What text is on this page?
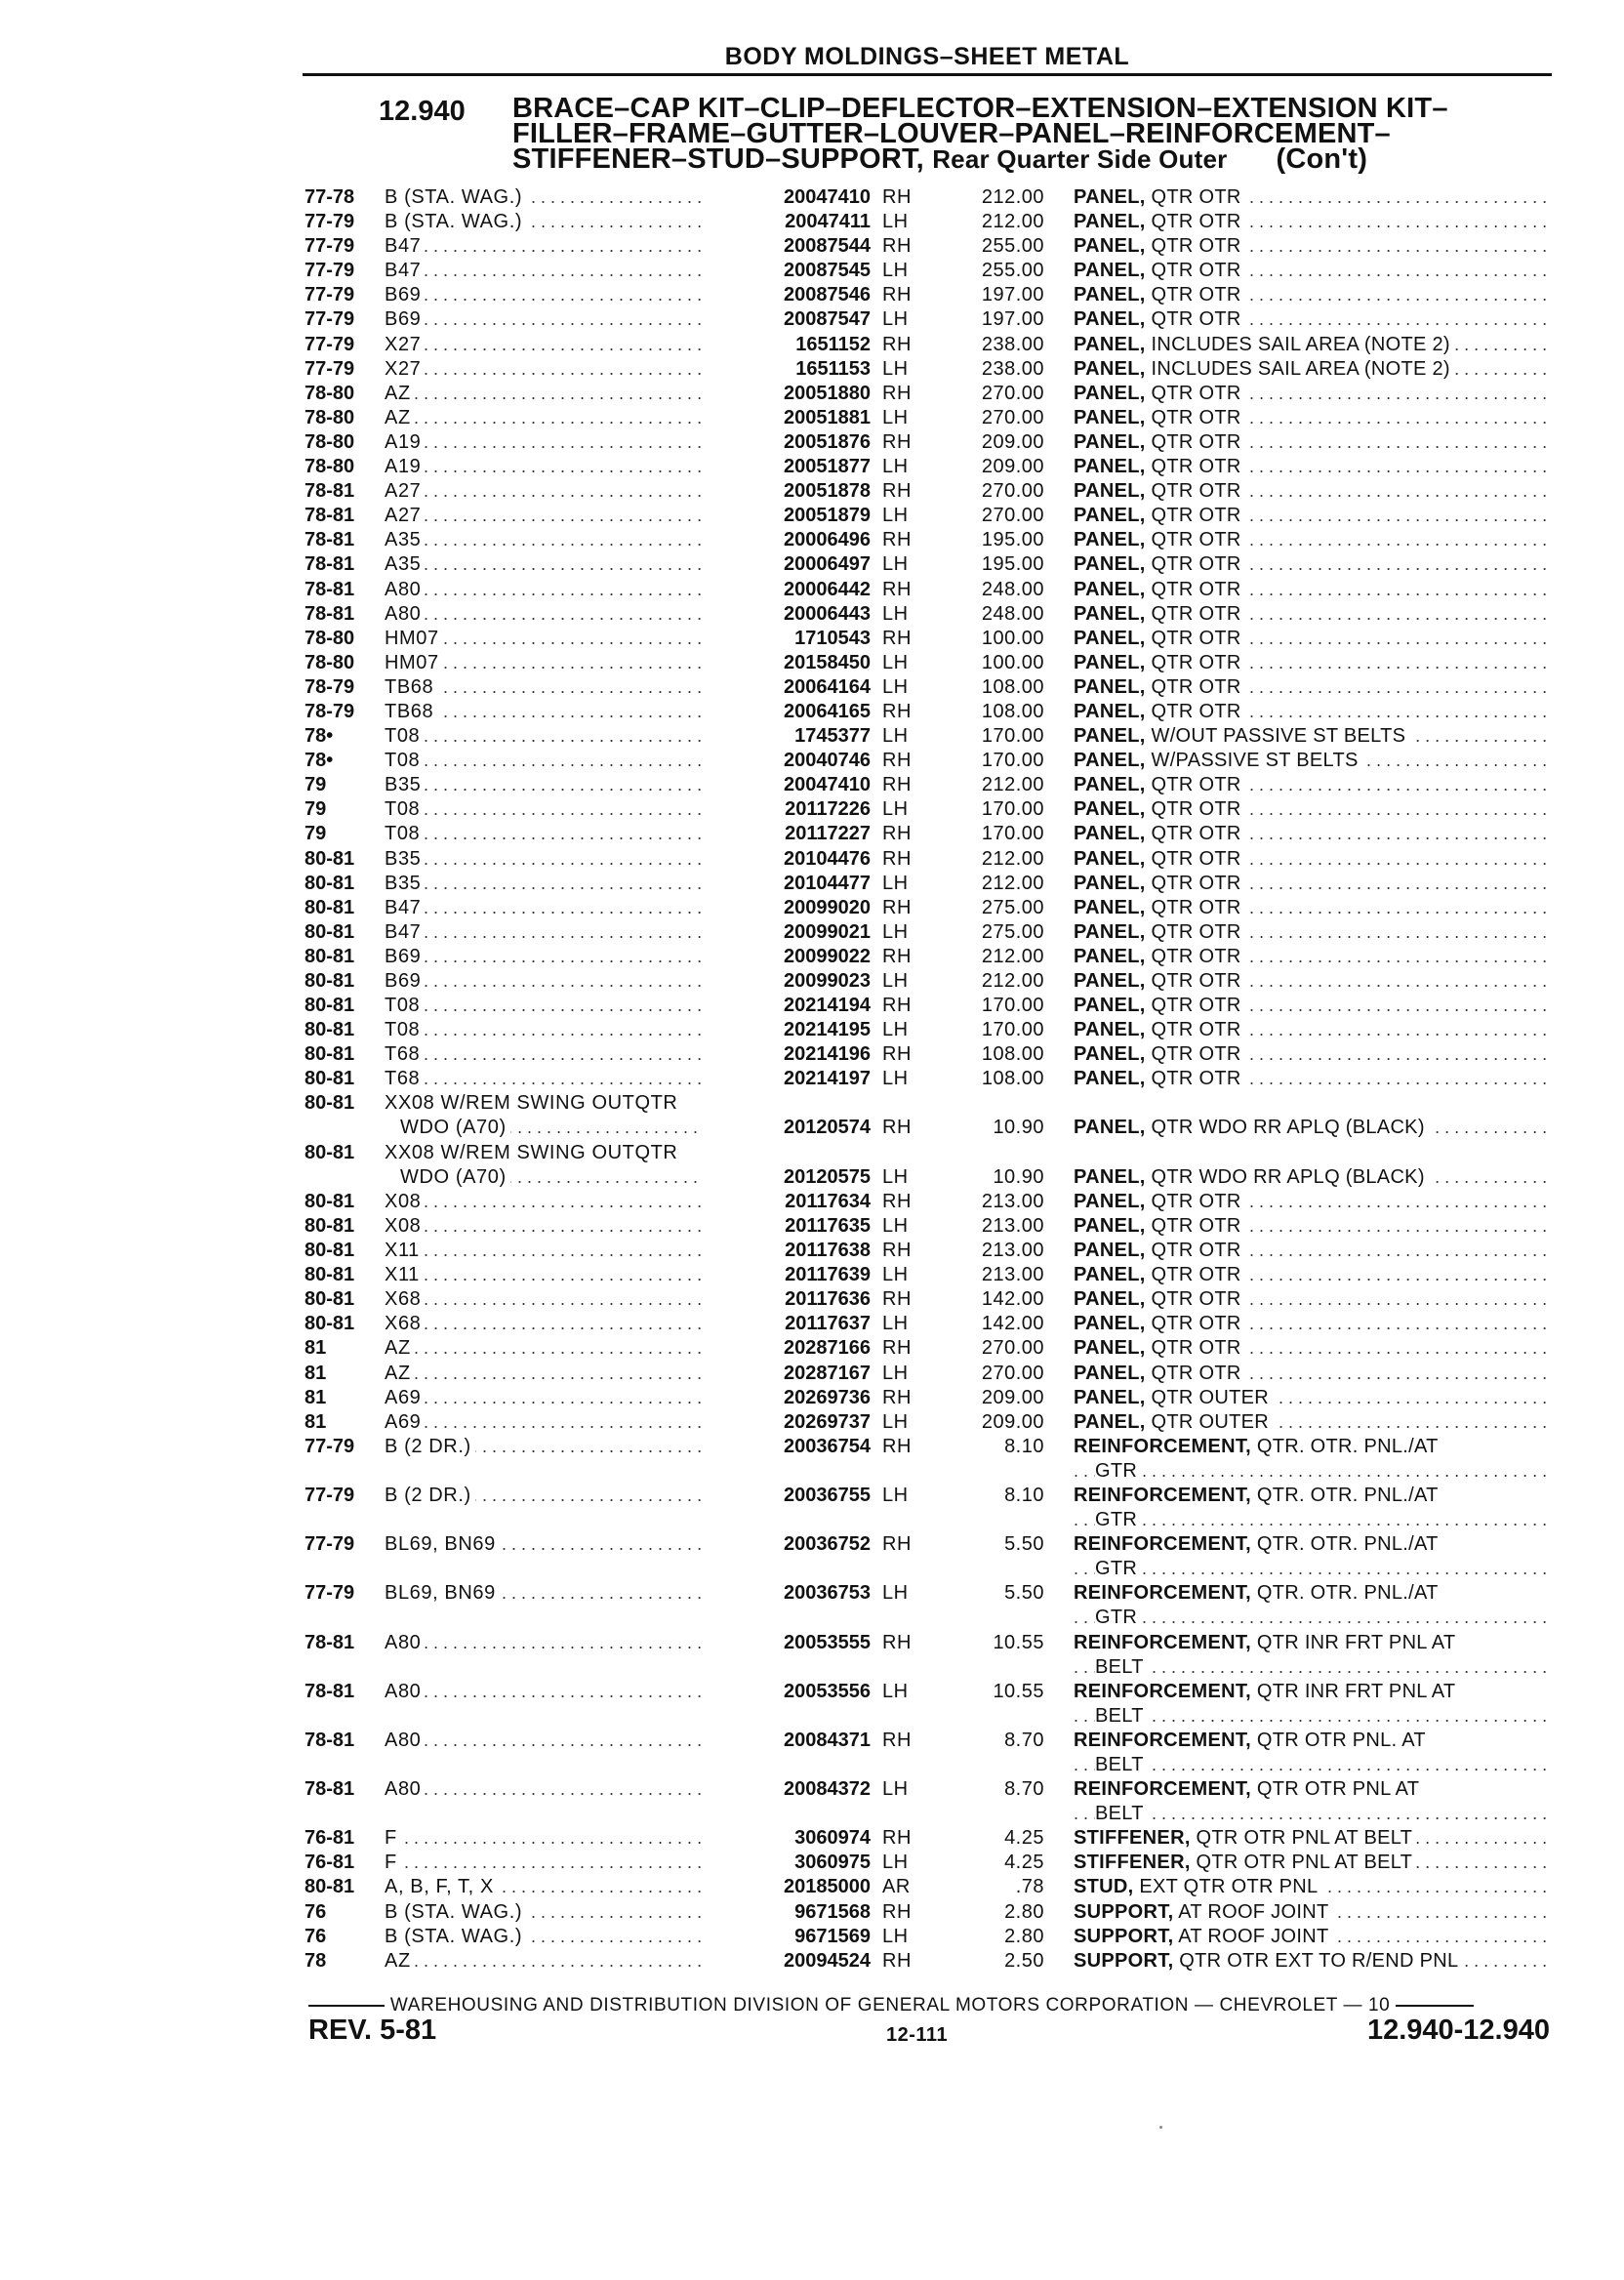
BODY MOLDINGS–SHEET METAL
12.940 BRACE–CAP KIT–CLIP–DEFLECTOR–EXTENSION–EXTENSION KIT–
FILLER–FRAME–GUTTER–LOUVER–PANEL–REINFORCEMENT–
STIFFENER–STUD–SUPPORT, Rear Quarter Side Outer (Con't)
77-78 B (STA. WAG.) . . .	20047410 RH	212.00 PANEL, QTR OTR . . .
77-79 B (STA. WAG.) . . .	20047411 LH	212.00 PANEL, QTR OTR . . .
77-79 B47 . . .	20087544 RH	255.00 PANEL, QTR OTR . . .
77-79 B47 . . .	20087545 LH	255.00 PANEL, QTR OTR . . .
77-79 B69 . . .	20087546 RH	197.00 PANEL, QTR OTR . . .
77-79 B69 . . .	20087547 LH	197.00 PANEL, QTR OTR . . .
77-79 X27 . . .	1651152 RH	238.00 PANEL, INCLUDES SAIL AREA (NOTE 2) . . .
77-79 X27 . . .	1651153 LH	238.00 PANEL, INCLUDES SAIL AREA (NOTE 2) . . .
78-80 AZ . . .	20051880 RH	270.00 PANEL, QTR OTR . . .
78-80 AZ . . .	20051881 LH	270.00 PANEL, QTR OTR . . .
78-80 A19 . . .	20051876 RH	209.00 PANEL, QTR OTR . . .
78-80 A19 . . .	20051877 LH	209.00 PANEL, QTR OTR . . .
78-81 A27 . . .	20051878 RH	270.00 PANEL, QTR OTR . . .
78-81 A27 . . .	20051879 LH	270.00 PANEL, QTR OTR . . .
78-81 A35 . . .	20006496 RH	195.00 PANEL, QTR OTR . . .
78-81 A35 . . .	20006497 LH	195.00 PANEL, QTR OTR . . .
78-81 A80 . . .	20006442 RH	248.00 PANEL, QTR OTR . . .
78-81 A80 . . .	20006443 LH	248.00 PANEL, QTR OTR . . .
78-80 HM07 . . .	1710543 RH	100.00 PANEL, QTR OTR . . .
78-80 HM07 . . .	20158450 LH	100.00 PANEL, QTR OTR . . .
78-79 TB68 . . .	20064164 LH	108.00 PANEL, QTR OTR . . .
78-79 TB68 . . .	20064165 RH	108.00 PANEL, QTR OTR . . .
78•	T08 . . .	1745377 LH	170.00 PANEL, W/OUT PASSIVE ST BELTS . . .
78•	T08 . . .	20040746 RH	170.00 PANEL, W/PASSIVE ST BELTS . . .
79	B35 . . .	20047410 RH	212.00 PANEL, QTR OTR . . .
79	T08 . . .	20117226 LH	170.00 PANEL, QTR OTR . . .
79	T08 . . .	20117227 RH	170.00 PANEL, QTR OTR . . .
80-81 B35 . . .	20104476 RH	212.00 PANEL, QTR OTR . . .
80-81 B35 . . .	20104477 LH	212.00 PANEL, QTR OTR . . .
80-81 B47 . . .	20099020 RH	275.00 PANEL, QTR OTR . . .
80-81 B47 . . .	20099021 LH	275.00 PANEL, QTR OTR . . .
80-81 B69 . . .	20099022 RH	212.00 PANEL, QTR OTR . . .
80-81 B69 . . .	20099023 LH	212.00 PANEL, QTR OTR . . .
80-81 T08 . . .	20214194 RH	170.00 PANEL, QTR OTR . . .
80-81 T08 . . .	20214195 LH	170.00 PANEL, QTR OTR . . .
80-81 T68 . . .	20214196 RH	108.00 PANEL, QTR OTR . . .
80-81 T68 . . .	20214197 LH	108.00 PANEL, QTR OTR . . .
80-81 XX08 W/REM SWING OUTQTR
WDO (A70) . . .	20120574 RH	10.90 PANEL, QTR WDO RR APLQ (BLACK) . . .
80-81 XX08 W/REM SWING OUTQTR
WDO (A70) . . .	20120575 LH	10.90 PANEL, QTR WDO RR APLQ (BLACK) . . .
80-81 X08 . . .	20117634 RH	213.00 PANEL, QTR OTR . . .
80-81 X08 . . .	20117635 LH	213.00 PANEL, QTR OTR . . .
80-81 X11 . . .	20117638 RH	213.00 PANEL, QTR OTR . . .
80-81 X11 . . .	20117639 LH	213.00 PANEL, QTR OTR . . .
80-81 X68 . . .	20117636 RH	142.00 PANEL, QTR OTR . . .
80-81 X68 . . .	20117637 LH	142.00 PANEL, QTR OTR . . .
81	AZ . . .	20287166 RH	270.00 PANEL, QTR OTR . . .
81	AZ . . .	20287167 LH	270.00 PANEL, QTR OTR . . .
81	A69 . . .	20269736 RH	209.00 PANEL, QTR OUTER . . .
81	A69 . . .	20269737 LH	209.00 PANEL, QTR OUTER . . .
77-79 B (2 DR.) . . .	20036754 RH	8.10 REINFORCEMENT, QTR. OTR. PNL./AT
GTR . . .
77-79 B (2 DR.) . . .	20036755 LH	8.10 REINFORCEMENT, QTR. OTR. PNL./AT
GTR . . .
77-79 BL69, BN69 . . .	20036752 RH	5.50 REINFORCEMENT, QTR. OTR. PNL./AT
GTR . . .
77-79 BL69, BN69 . . .	20036753 LH	5.50 REINFORCEMENT, QTR. OTR. PNL./AT
GTR . . .
78-81 A80 . . .	20053555 RH	10.55 REINFORCEMENT, QTR INR FRT PNL AT
BELT . . .
78-81 A80 . . .	20053556 LH	10.55 REINFORCEMENT, QTR INR FRT PNL AT
BELT . . .
78-81 A80 . . .	20084371 RH	8.70 REINFORCEMENT, QTR OTR PNL. AT
BELT . . .
78-81 A80 . . .	20084372 LH	8.70 REINFORCEMENT, QTR OTR PNL AT
BELT . . .
76-81 F . . .	3060974 RH	4.25 STIFFENER, QTR OTR PNL AT BELT . . .
76-81 F . . .	3060975 LH	4.25 STIFFENER, QTR OTR PNL AT BELT . . .
80-81 A, B, F, T, X . . .	20185000 AR	.78 STUD, EXT QTR OTR PNL . . .
76	B (STA. WAG.) . . .	9671568 RH	2.80 SUPPORT, AT ROOF JOINT . . .
76	B (STA. WAG.) . . .	9671569 LH	2.80 SUPPORT, AT ROOF JOINT . . .
78	AZ . . .	20094524 RH	2.50 SUPPORT, QTR OTR EXT TO R/END PNL . . .
WAREHOUSING AND DISTRIBUTION DIVISION OF GENERAL MOTORS CORPORATION — CHEVROLET — 10
REV. 5-81	12-111	12.940-12.940
